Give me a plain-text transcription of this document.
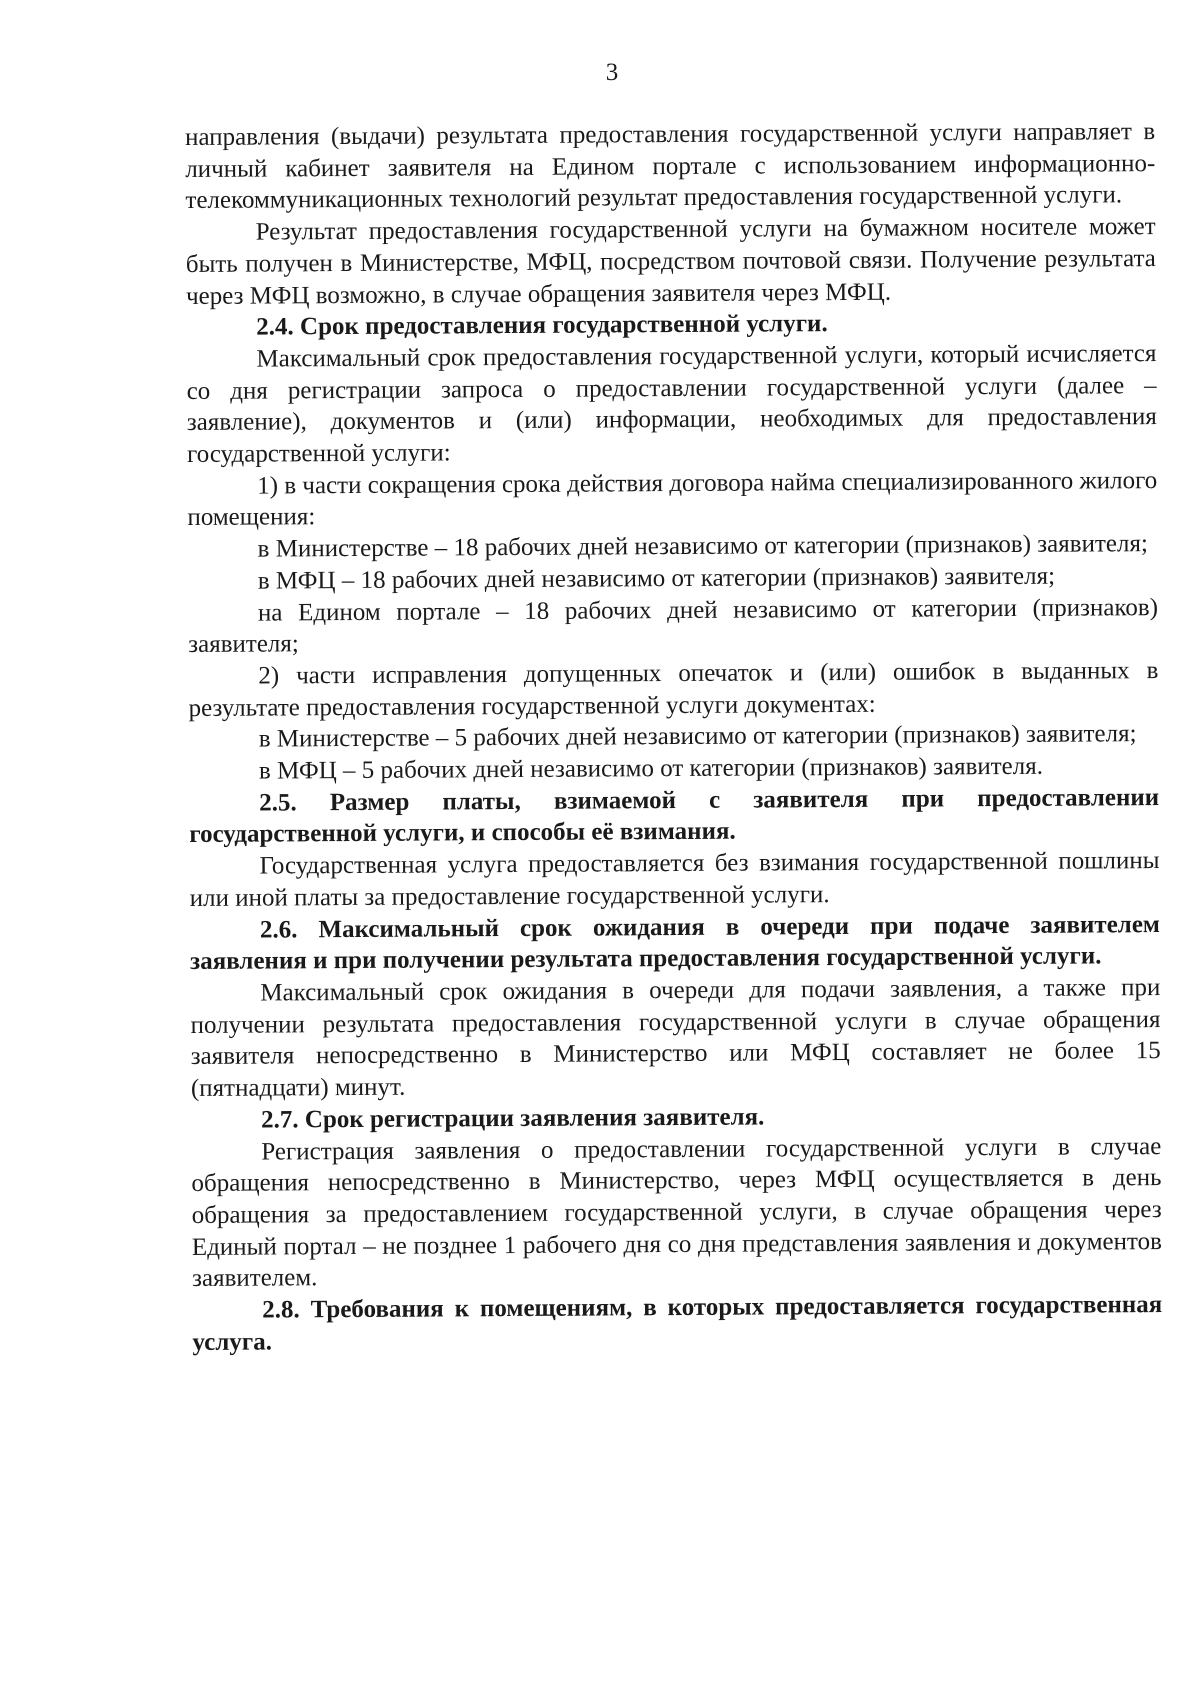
3

направления (выдачи) результата предоставления государственной услуги направляет в личный кабинет заявителя на Едином портале с использованием информационно-телекоммуникационных технологий результат предоставления государственной услуги.

Результат предоставления государственной услуги на бумажном носителе может быть получен в Министерстве, МФЦ, посредством почтовой связи. Получение результата через МФЦ возможно, в случае обращения заявителя через МФЦ.

2.4. Срок предоставления государственной услуги.

Максимальный срок предоставления государственной услуги, который исчисляется со дня регистрации запроса о предоставлении государственной услуги (далее – заявление), документов и (или) информации, необходимых для предоставления государственной услуги:

1) в части сокращения срока действия договора найма специализированного жилого помещения:

в Министерстве – 18 рабочих дней независимо от категории (признаков) заявителя;

в МФЦ – 18 рабочих дней независимо от категории (признаков) заявителя;

на Едином портале – 18 рабочих дней независимо от категории (признаков) заявителя;

2) части исправления допущенных опечаток и (или) ошибок в выданных в результате предоставления государственной услуги документах:

в Министерстве – 5 рабочих дней независимо от категории (признаков) заявителя;

в МФЦ – 5 рабочих дней независимо от категории (признаков) заявителя.

2.5. Размер платы, взимаемой с заявителя при предоставлении государственной услуги, и способы её взимания.

Государственная услуга предоставляется без взимания государственной пошлины или иной платы за предоставление государственной услуги.

2.6. Максимальный срок ожидания в очереди при подаче заявителем заявления и при получении результата предоставления государственной услуги.

Максимальный срок ожидания в очереди для подачи заявления, а также при получении результата предоставления государственной услуги в случае обращения заявителя непосредственно в Министерство или МФЦ составляет не более 15 (пятнадцати) минут.

2.7. Срок регистрации заявления заявителя.

Регистрация заявления о предоставлении государственной услуги в случае обращения непосредственно в Министерство, через МФЦ осуществляется в день обращения за предоставлением государственной услуги, в случае обращения через Единый портал – не позднее 1 рабочего дня со дня представления заявления и документов заявителем.

2.8. Требования к помещениям, в которых предоставляется государственная услуга.
